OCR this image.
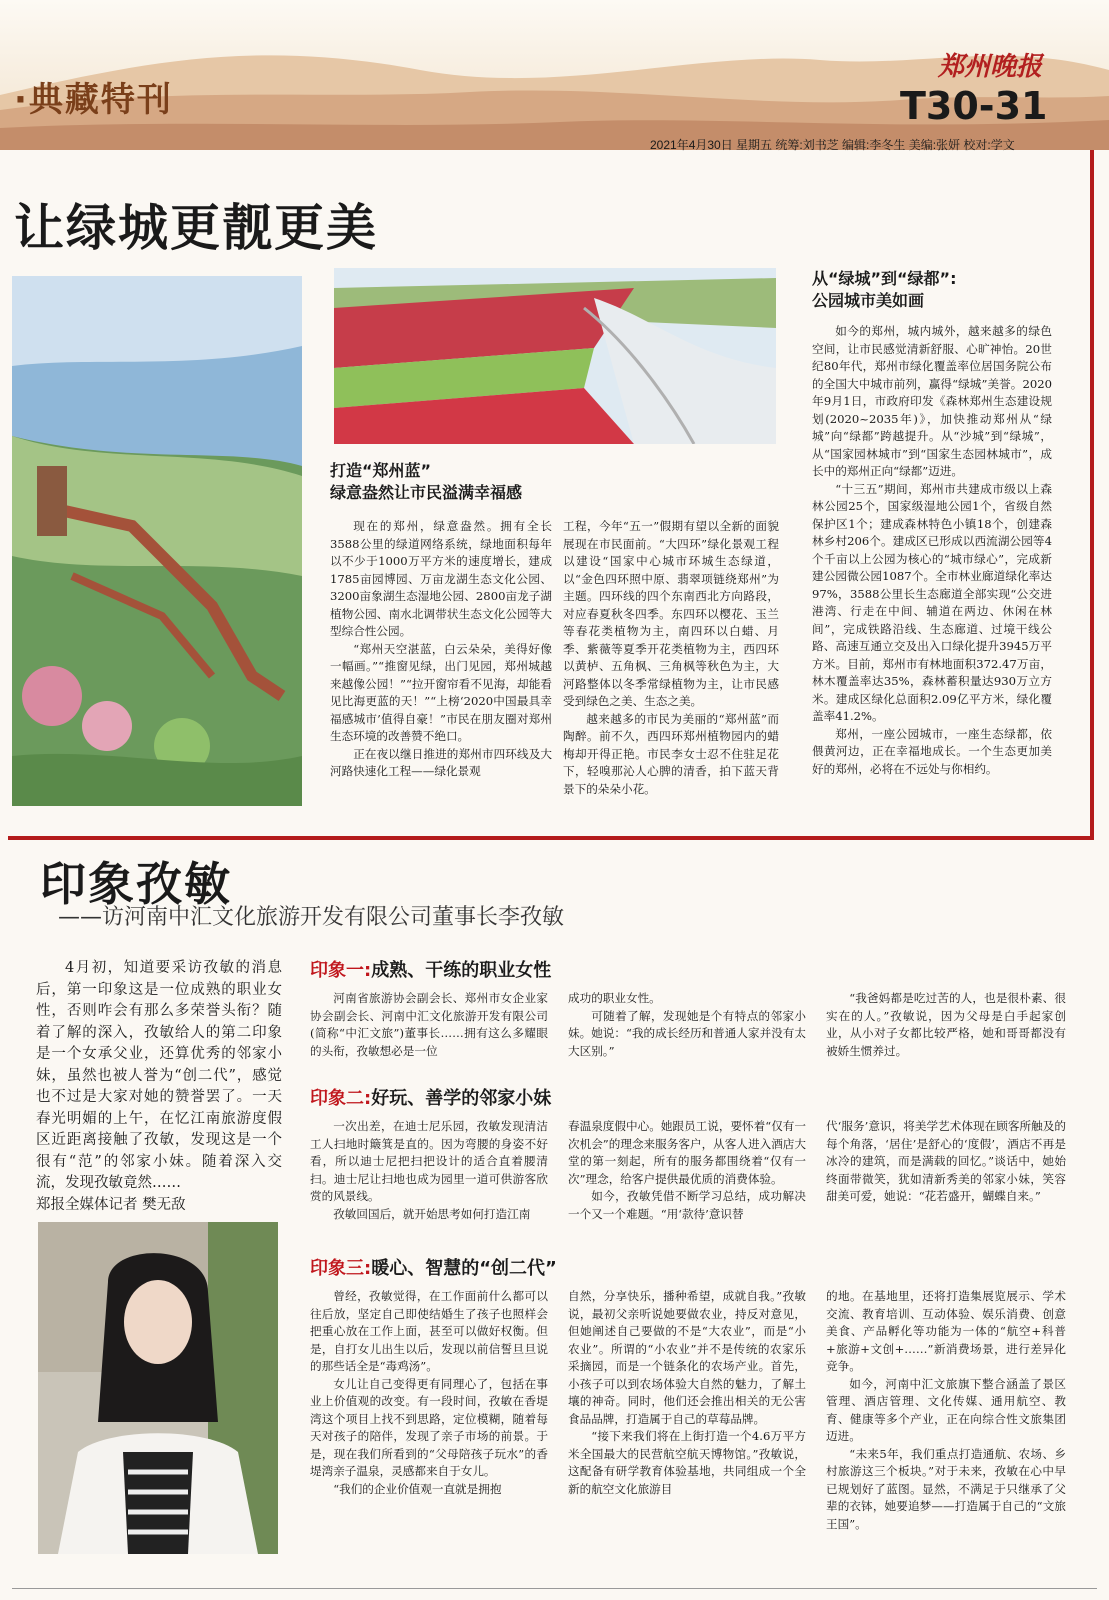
·典藏特刊
郑州晚报
T30-31
2021年4月30日 星期五 统筹:刘书芝 编辑:李冬生 美编:张妍 校对:学文
让绿城更靓更美
打造“郑州蓝”
绿意盎然让市民溢满幸福感

现在的郑州，绿意盎然。拥有全长3588公里的绿道网络系统，绿地面积每年以不少于1000万平方米的速度增长，建成1785亩园博园、万亩龙湖生态文化公园、3200亩象湖生态湿地公园、2800亩龙子湖植物公园、南水北调带状生态文化公园等大型综合性公园。

“郑州天空湛蓝，白云朵朵，美得好像一幅画。”“推窗见绿，出门见园，郑州城越来越像公园！”“拉开窗帘看不见海，却能看见比海更蓝的天！”“上榜‘2020中国最具幸福感城市’值得自豪！”市民在朋友圈对郑州生态环境的改善赞不绝口。

正在夜以继日推进的郑州市四环线及大河路快速化工程——绿化景观

工程，今年“五一”假期有望以全新的面貌展现在市民面前。“大四环”绿化景观工程以建设“国家中心城市环城生态绿道，以“金色四环照中原、翡翠项链绕郑州”为主题。四环线的四个东南西北方向路段，对应春夏秋冬四季。东四环以樱花、玉兰等春花类植物为主，南四环以白蜡、月季、紫薇等夏季开花类植物为主，西四环以黄栌、五角枫、三角枫等秋色为主，大河路整体以冬季常绿植物为主，让市民感受到绿色之美、生态之美。

越来越多的市民为美丽的“郑州蓝”而陶醉。前不久，西四环郑州植物园内的蜡梅却开得正艳。市民李女士忍不住驻足花下，轻嗅那沁人心脾的清香，拍下蓝天背景下的朵朵小花。

从“绿城”到“绿都”:
公园城市美如画

如今的郑州，城内城外，越来越多的绿色空间，让市民感觉清新舒服、心旷神怡。20世纪80年代，郑州市绿化覆盖率位居国务院公布的全国大中城市前列，赢得“绿城”美誉。2020年9月1日，市政府印发《森林郑州生态建设规划(2020~2035年)》，加快推动郑州从“绿城”向“绿都”跨越提升。从“沙城”到“绿城”，从“国家园林城市”到“国家生态园林城市”，成长中的郑州正向“绿都”迈进。

“十三五”期间，郑州市共建成市级以上森林公园25个，国家级湿地公园1个，省级自然保护区1个；建成森林特色小镇18个，创建森林乡村206个。建成区已形成以西流湖公园等4个千亩以上公园为核心的“城市绿心”，完成新建公园微公园1087个。全市林业廊道绿化率达97%，3588公里长生态廊道全部实现“公交进港湾、行走在中间、辅道在两边、休闲在林间”，完成铁路沿线、生态廊道、过境干线公路、高速互通立交及出入口绿化提升3945万平方米。目前，郑州市有林地面积372.47万亩，林木覆盖率达35%，森林蓄积量达930万立方米。建成区绿化总面积2.09亿平方米，绿化覆盖率41.2%。

郑州，一座公园城市，一座生态绿都，依偎黄河边，正在幸福地成长。一个生态更加美好的郑州，必将在不远处与你相约。

印象孜敏
——访河南中汇文化旅游开发有限公司董事长李孜敏

4月初，知道要采访孜敏的消息后，第一印象这是一位成熟的职业女性，否则咋会有那么多荣誉头衔？随着了解的深入，孜敏给人的第二印象是一个女承父业，还算优秀的邻家小妹，虽然也被人誉为“创二代”，感觉也不过是大家对她的赞誉罢了。一天春光明媚的上午，在忆江南旅游度假区近距离接触了孜敏，发现这是一个很有“范”的邻家小妹。随着深入交流，发现孜敏竟然……

郑报全媒体记者 樊无敌
印象一:成熟、干练的职业女性

河南省旅游协会副会长、郑州市女企业家协会副会长、河南中汇文化旅游开发有限公司(简称“中汇文旅”)董事长……拥有这么多耀眼的头衔，孜敏想必是一位

成功的职业女性。

可随着了解，发现她是个有特点的邻家小妹。她说：“我的成长经历和普通人家并没有太大区别。”

“我爸妈都是吃过苦的人，也是很朴素、很实在的人。”孜敏说，因为父母是白手起家创业，从小对子女都比较严格，她和哥哥都没有被娇生惯养过。

印象二:好玩、善学的邻家小妹

一次出差，在迪士尼乐园，孜敏发现清洁工人扫地时簸箕是直的。因为弯腰的身姿不好看，所以迪士尼把扫把设计的适合直着腰清扫。迪士尼让扫地也成为园里一道可供游客欣赏的风景线。

孜敏回国后，就开始思考如何打造江南

春温泉度假中心。她跟员工说，要怀着“仅有一次机会”的理念来服务客户，从客人进入酒店大堂的第一刻起，所有的服务都围绕着“仅有一次”理念，给客户提供最优质的消费体验。

如今，孜敏凭借不断学习总结，成功解决一个又一个难题。“用‘款待’意识替

代‘服务’意识，将美学艺术体现在顾客所触及的每个角落，‘居住’是舒心的‘度假’，酒店不再是冰冷的建筑，而是满载的回忆。”谈话中，她始终面带微笑，犹如清新秀美的邻家小妹，笑容甜美可爱，她说：“花若盛开，蝴蝶自来。”

印象三:暖心、智慧的“创二代”

曾经，孜敏觉得，在工作面前什么都可以往后放，坚定自己即使结婚生了孩子也照样会把重心放在工作上面，甚至可以做好权衡。但是，自打女儿出生以后，发现以前信誓旦旦说的那些话全是“毒鸡汤”。

女儿让自己变得更有同理心了，包括在事业上价值观的改变。有一段时间，孜敏在香堤湾这个项目上找不到思路，定位模糊，随着每天对孩子的陪伴，发现了亲子市场的前景。于是，现在我们所看到的“父母陪孩子玩水”的香堤湾亲子温泉，灵感都来自于女儿。

“我们的企业价值观一直就是拥抱

自然，分享快乐，播种希望，成就自我。”孜敏说，最初父亲听说她要做农业，持反对意见，但她阐述自己要做的不是“大农业”，而是“小农业”。所谓的“小农业”并不是传统的农家乐采摘园，而是一个链条化的农场产业。首先，小孩子可以到农场体验大自然的魅力，了解土壤的神奇。同时，他们还会推出相关的无公害食品品牌，打造属于自己的草莓品牌。

“接下来我们将在上街打造一个4.6万平方米全国最大的民营航空航天博物馆。”孜敏说，这配备有研学教育体验基地，共同组成一个全新的航空文化旅游目

的地。在基地里，还将打造集展览展示、学术交流、教育培训、互动体验、娱乐消费、创意美食、产品孵化等功能为一体的“航空+科普+旅游+文创+……”新消费场景，进行差异化竞争。

如今，河南中汇文旅旗下整合涵盖了景区管理、酒店管理、文化传媒、通用航空、教育、健康等多个产业，正在向综合性文旅集团迈进。

“未来5年，我们重点打造通航、农场、乡村旅游这三个板块。”对于未来，孜敏在心中早已规划好了蓝图。显然，不满足于只继承了父辈的衣钵，她要追梦——打造属于自己的“文旅王国”。
